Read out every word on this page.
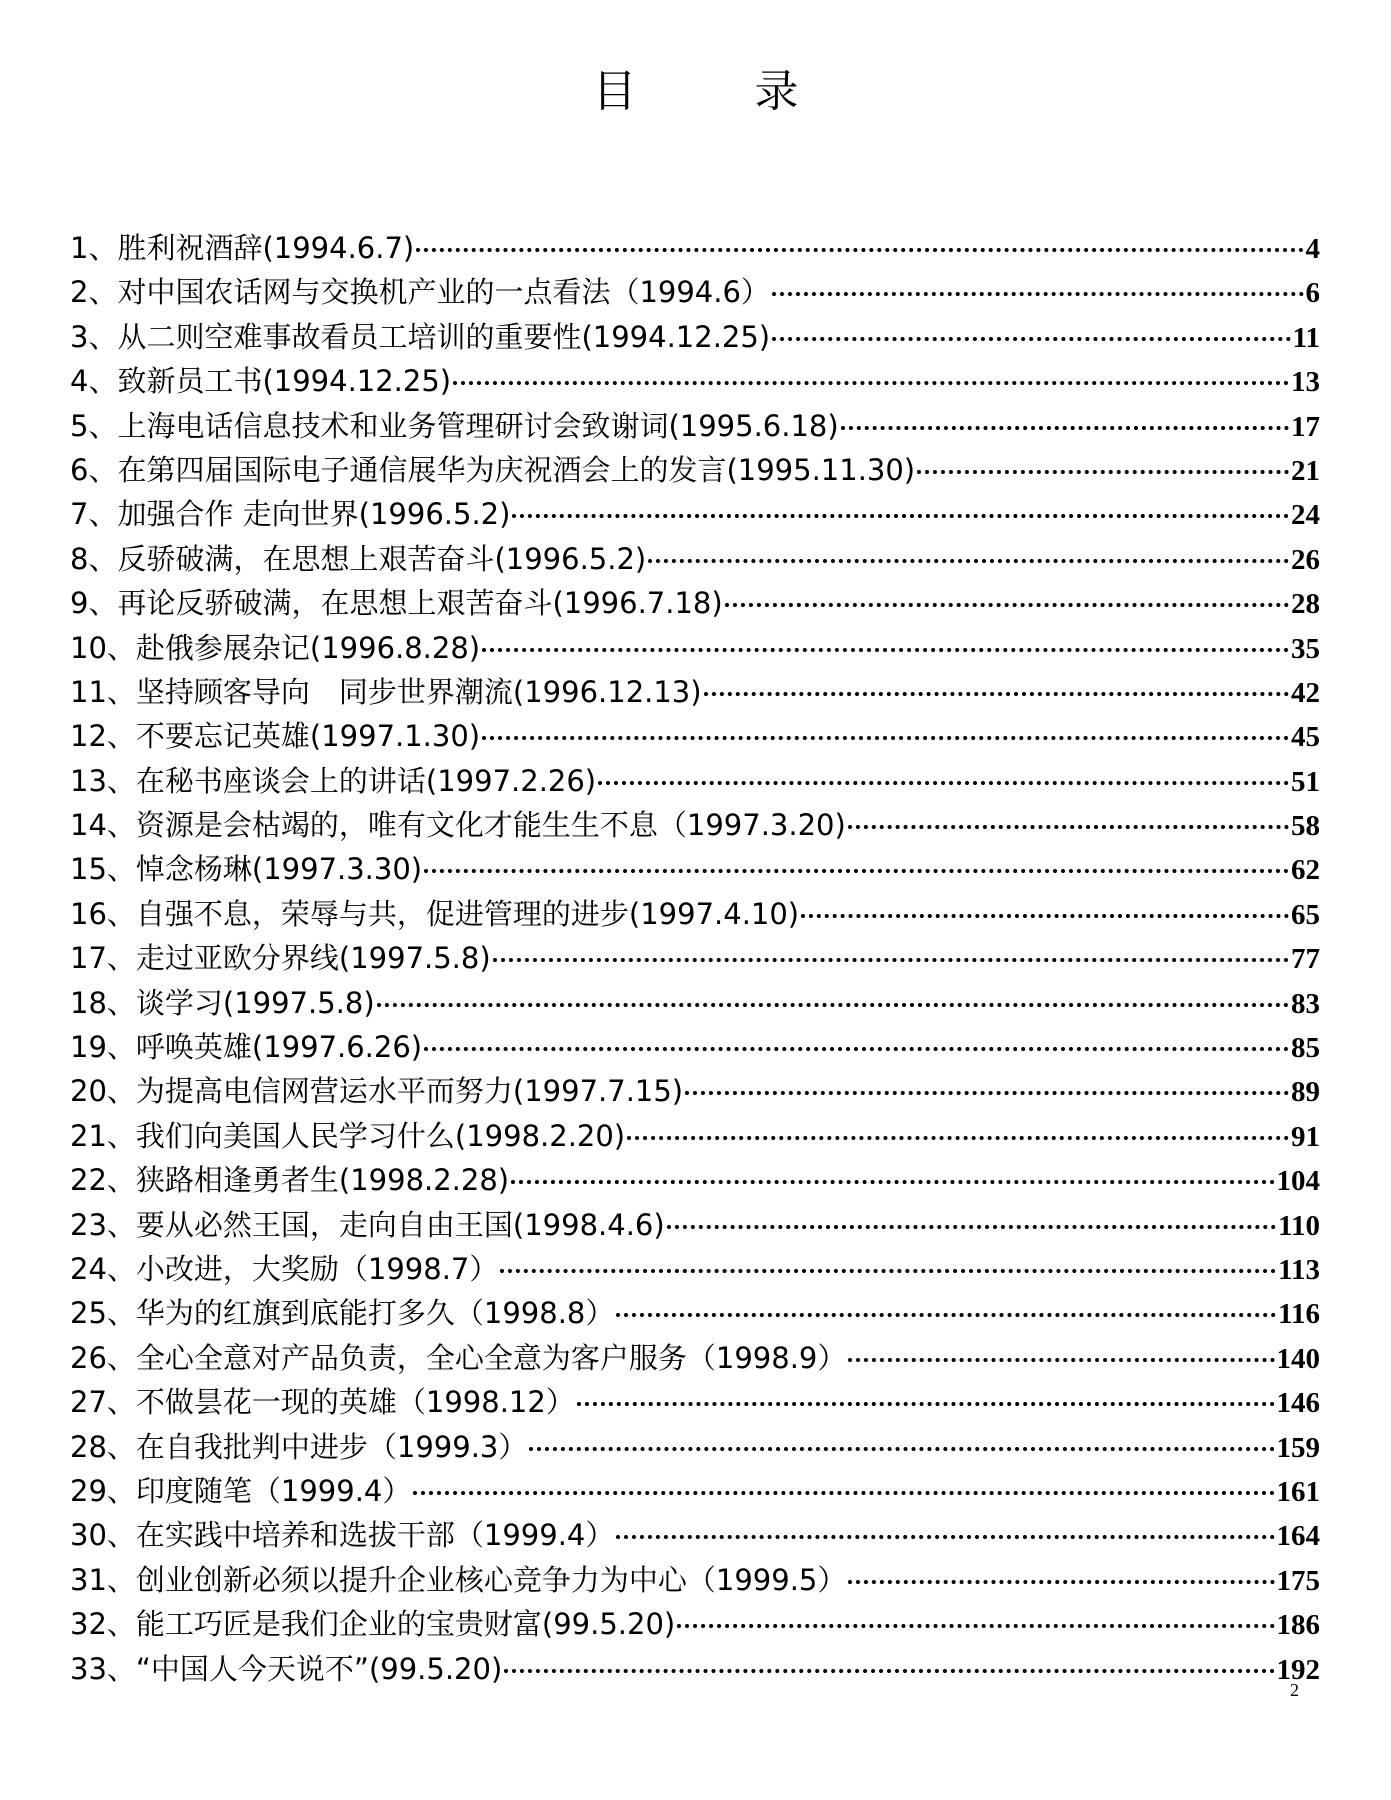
目 录
1、胜利祝酒辞(1994.6.7)	4
2、对中国农话网与交换机产业的一点看法（1994.6）	6
3、从二则空难事故看员工培训的重要性(1994.12.25)	11
4、致新员工书(1994.12.25)	13
5、上海电话信息技术和业务管理研讨会致谢词(1995.6.18)	17
6、在第四届国际电子通信展华为庆祝酒会上的发言(1995.11.30)	21
7、加强合作 走向世界(1996.5.2)	24
8、反骄破满，在思想上艰苦奋斗(1996.5.2)	26
9、再论反骄破满，在思想上艰苦奋斗(1996.7.18)	28
10、赴俄参展杂记(1996.8.28)	35
11、坚持顾客导向　同步世界潮流(1996.12.13)	42
12、不要忘记英雄(1997.1.30)	45
13、在秘书座谈会上的讲话(1997.2.26)	51
14、资源是会枯竭的，唯有文化才能生生不息（1997.3.20)	58
15、悼念杨琳(1997.3.30)	62
16、自强不息，荣辱与共，促进管理的进步(1997.4.10)	65
17、走过亚欧分界线(1997.5.8)	77
18、谈学习(1997.5.8)	83
19、呼唤英雄(1997.6.26)	85
20、为提高电信网营运水平而努力(1997.7.15)	89
21、我们向美国人民学习什么(1998.2.20)	91
22、狭路相逢勇者生(1998.2.28)	104
23、要从必然王国，走向自由王国(1998.4.6)	110
24、小改进，大奖励（1998.7）	113
25、华为的红旗到底能打多久（1998.8）	116
26、全心全意对产品负责，全心全意为客户服务（1998.9）	140
27、不做昙花一现的英雄（1998.12）	146
28、在自我批判中进步（1999.3）	159
29、印度随笔（1999.4）	161
30、在实践中培养和选拔干部（1999.4）	164
31、创业创新必须以提升企业核心竞争力为中心（1999.5）	175
32、能工巧匠是我们企业的宝贵财富(99.5.20)	186
33、“中国人今天说不”(99.5.20)	192
2
